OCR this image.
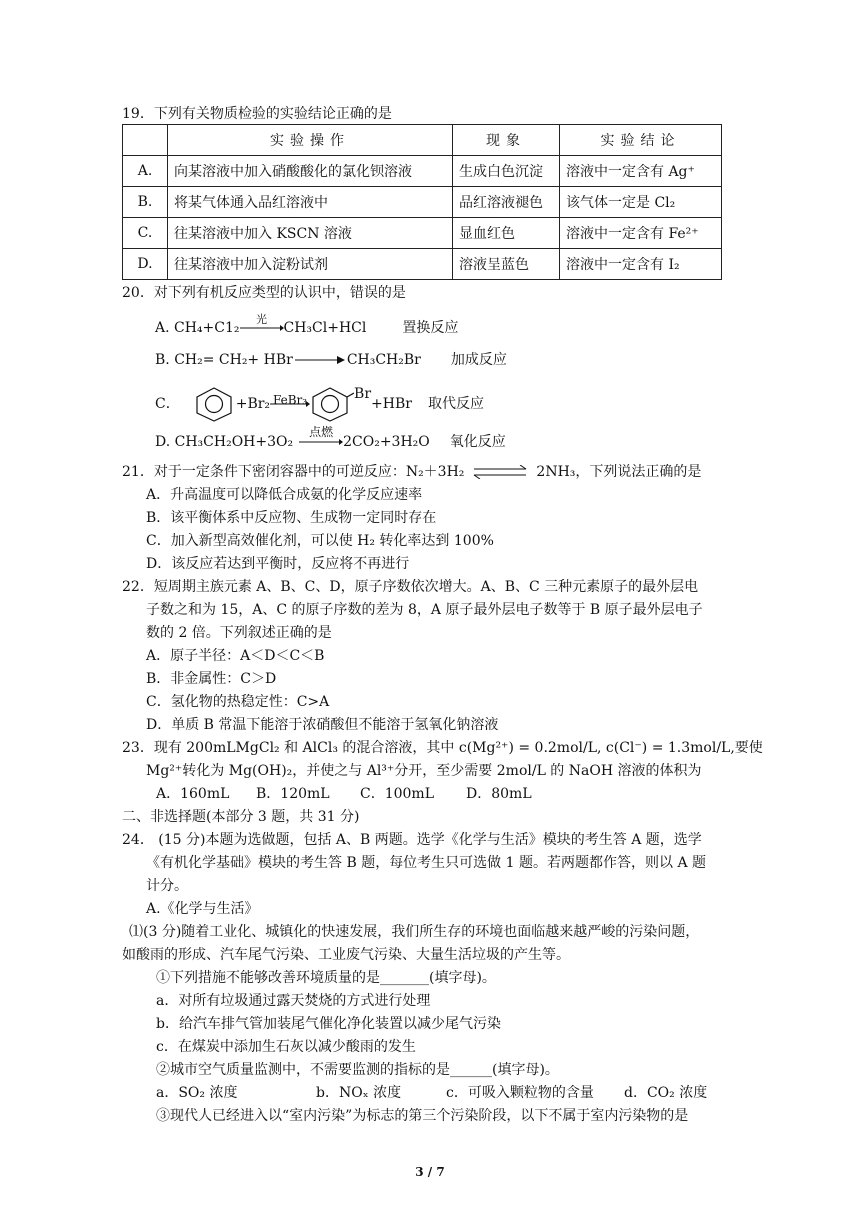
19．下列有关物质检验的实验结论正确的是
	实验操作	现象	实验结论
A.	向某溶液中加入硝酸酸化的氯化钡溶液	生成白色沉淀	溶液中一定含有 Ag⁺
B.	将某气体通入品红溶液中	品红溶液褪色	该气体一定是 Cl₂
C.	往某溶液中加入 KSCN 溶液	显血红色	溶液中一定含有 Fe²⁺
D.	往某溶液中加入淀粉试剂	溶液呈蓝色	溶液中一定含有 I₂
20．对下列有机反应类型的认识中，错误的是
A. CH₄+C1₂
光
CH₃Cl+HCl	置换反应
B. CH₂= CH₂+ HBr → CH₃CH₂Br 加成反应
C．	+Br₂ FeBr₃	Br+HBr 取代反应
D. CH₃CH₂OH+3O₂
点燃
2CO₂+3H₂O 氧化反应
21．对于一定条件下密闭容器中的可逆反应：N₂＋3H₂	2NH₃，下列说法正确的是
A．升高温度可以降低合成氨的化学反应速率
B．该平衡体系中反应物、生成物一定同时存在
C．加入新型高效催化剂，可以使 H₂ 转化率达到 100%
D．该反应若达到平衡时，反应将不再进行
22．短周期主族元素 A、B、C、D，原子序数依次增大。A、B、C 三种元素原子的最外层电
子数之和为 15，A、C 的原子序数的差为 8，A 原子最外层电子数等于 B 原子最外层电子
数的 2 倍。下列叙述正确的是
A．原子半径：A＜D＜C＜B
B．非金属性：C＞D
C．氢化物的热稳定性：C>A
D．单质 B 常温下能溶于浓硝酸但不能溶于氢氧化钠溶液
23．现有 200mLMgCl₂ 和 AlCl₃ 的混合溶液，其中 c(Mg²⁺) = 0.2mol/L, c(Cl⁻) = 1.3mol/L,要使
Mg²⁺转化为 Mg(OH)₂，并使之与 Al³⁺分开，至少需要 2mol/L 的 NaOH 溶液的体积为
A．160mL B．120mL C．100mL D．80mL
二、非选择题(本部分 3 题，共 31 分)
24． (15 分)本题为选做题，包括 A、B 两题。选学《化学与生活》模块的考生答 A 题，选学
《有机化学基础》模块的考生答 B 题，每位考生只可选做 1 题。若两题都作答，则以 A 题
计分。
A.《化学与生活》
⑴(3 分)随着工业化、城镇化的快速发展，我们所生存的环境也面临越来越严峻的污染问题，
如酸雨的形成、汽车尾气污染、工业废气污染、大量生活垃圾的产生等。
①下列措施不能够改善环境质量的是_______(填字母)。
a．对所有垃圾通过露天焚烧的方式进行处理
b．给汽车排气管加装尾气催化净化装置以减少尾气污染
c．在煤炭中添加生石灰以减少酸雨的发生
②城市空气质量监测中，不需要监测的指标的是______(填字母)。
a．SO₂ 浓度	b．NOₓ 浓度	c．可吸入颗粒物的含量 d．CO₂ 浓度
③现代人已经进入以“室内污染”为标志的第三个污染阶段，以下不属于室内污染物的是
3 / 7
